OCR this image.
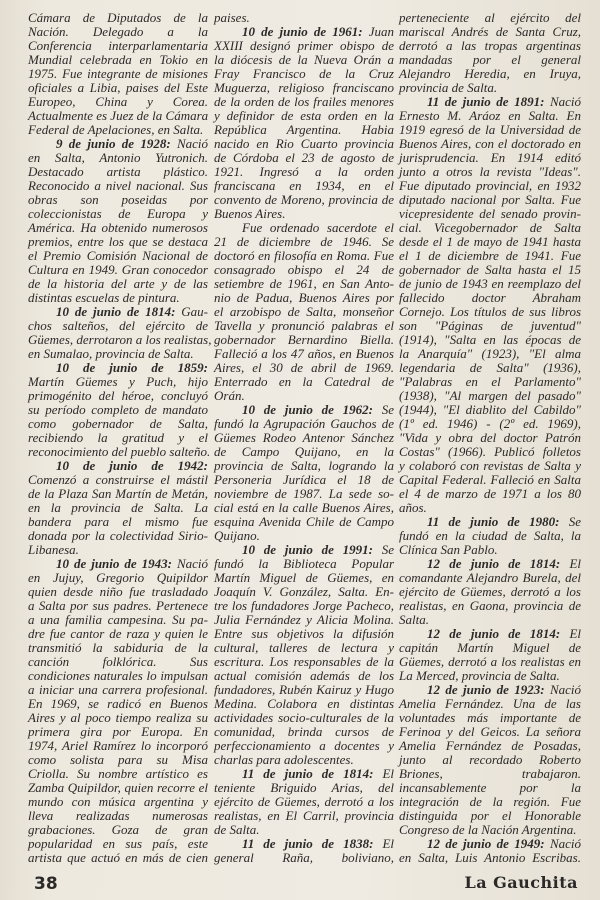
Cámara de Diputados de la
Nación. Delegado a la
Conferencia interparlamentaria
Mundial celebrada en Tokio en
1975. Fue integrante de misiones
oficiales a Libia, paises del Este
Europeo, China y Corea.
Actualmente es Juez de la Cámara
Federal de Apelaciones, en Salta.
9 de junio de 1928: Nació
en Salta, Antonio Yutronich.
Destacado artista plástico.
Reconocido a nivel nacional. Sus
obras son poseidas por
coleccionistas de Europa y
América. Ha obtenido numerosos
premios, entre los que se destaca
el Premio Comisión Nacional de
Cultura en 1949. Gran conocedor
de la historia del arte y de las
distintas escuelas de pintura.
10 de junio de 1814: Gau-
chos salteños, del ejército de
Güemes, derrotaron a los realistas,
en Sumalao, provincia de Salta.
10 de junio de 1859:
Martín Güemes y Puch, hijo
primogénito del héroe, concluyó
su período completo de mandato
como gobernador de Salta,
recibiendo la gratitud y el
reconocimiento del pueblo salteño.
10 de junio de 1942:
Comenzó a construirse el mástil
de la Plaza San Martín de Metán,
en la provincia de Salta. La
bandera para el mismo fue
donada por la colectividad Sirio-
Libanesa.
10 de junio de 1943: Nació
en Jujuy, Gregorio Quipildor
quien desde niño fue trasladado
a Salta por sus padres. Pertenece
a una familia campesina. Su pa-
dre fue cantor de raza y quien le
transmitió la sabiduria de la
canción folklórica. Sus
condiciones naturales lo impulsan
a iniciar una carrera profesional.
En 1969, se radicó en Buenos
Aires y al poco tiempo realiza su
primera gira por Europa. En
1974, Ariel Ramírez lo incorporó
como solista para su Misa
Criolla. Su nombre artístico es
Zamba Quipildor, quien recorre el
mundo con música argentina y
lleva realizadas numerosas
grabaciones. Goza de gran
popularidad en sus país, este
artista que actuó en más de cien
paises.
10 de junio de 1961: Juan
XXIII designó primer obispo de
la diócesis de la Nueva Orán a
Fray Francisco de la Cruz
Muguerza, religioso franciscano
de la orden de los frailes menores
y definidor de esta orden en la
República Argentina. Habia
nacido en Rio Cuarto provincia
de Córdoba el 23 de agosto de
1921. Ingresó a la orden
franciscana en 1934, en el
convento de Moreno, provincia de
Buenos Aires.
Fue ordenado sacerdote el
21 de diciembre de 1946. Se
doctoró en filosofía en Roma. Fue
consagrado obispo el 24 de
setiembre de 1961, en San Anto-
nio de Padua, Buenos Aires por
el arzobispo de Salta, monseñor
Tavella y pronunció palabras el
gobernador Bernardino Biella.
Falleció a los 47 años, en Buenos
Aires, el 30 de abril de 1969.
Enterrado en la Catedral de
Orán.
10 de junio de 1962: Se
fundó la Agrupación Gauchos de
Güemes Rodeo Antenor Sánchez
de Campo Quijano, en la
provincia de Salta, logrando la
Personeria Jurídica el 18 de
noviembre de 1987. La sede so-
cial está en la calle Buenos Aires,
esquina Avenida Chile de Campo
Quijano.
10 de junio de 1991: Se
fundó la Biblioteca Popular
Martín Miguel de Güemes, en
Joaquín V. González, Salta. En-
tre los fundadores Jorge Pacheco,
Julia Fernández y Alicia Molina.
Entre sus objetivos la difusión
cultural, talleres de lectura y
escritura. Los responsables de la
actual comisión además de los
fundadores, Rubén Kairuz y Hugo
Medina. Colabora en distintas
actividades socio-culturales de la
comunidad, brinda cursos de
perfeccionamiento a docentes y
charlas para adolescentes.
11 de junio de 1814: El
teniente Briguido Arias, del
ejército de Güemes, derrotó a los
realistas, en El Carril, provincia
de Salta.
11 de junio de 1838: El
general Raña, boliviano,
perteneciente al ejército del
mariscal Andrés de Santa Cruz,
derrotó a las tropas argentinas
mandadas por el general
Alejandro Heredia, en Iruya,
provincia de Salta.
11 de junio de 1891: Nació
Ernesto M. Aráoz en Salta. En
1919 egresó de la Universidad de
Buenos Aires, con el doctorado en
jurisprudencia. En 1914 editó
junto a otros la revista "Ideas".
Fue diputado provincial, en 1932
diputado nacional por Salta. Fue
vicepresidente del senado provin-
cial. Vicegobernador de Salta
desde el 1 de mayo de 1941 hasta
el 1 de diciembre de 1941. Fue
gobernador de Salta hasta el 15
de junio de 1943 en reemplazo del
fallecido doctor Abraham
Cornejo. Los títulos de sus libros
son "Páginas de juventud"
(1914), "Salta en las épocas de
la Anarquía" (1923), "El alma
legendaria de Salta" (1936),
"Palabras en el Parlamento"
(1938), "Al margen del pasado"
(1944), "El diablito del Cabildo"
(1º ed. 1946) - (2º ed. 1969),
"Vida y obra del doctor Patrón
Costas" (1966). Publicó folletos
y colaboró con revistas de Salta y
Capital Federal. Falleció en Salta
el 4 de marzo de 1971 a los 80
años.
11 de junio de 1980: Se
fundó en la ciudad de Salta, la
Clínica San Pablo.
12 de junio de 1814: El
comandante Alejandro Burela, del
ejército de Güemes, derrotó a los
realistas, en Gaona, provincia de
Salta.
12 de junio de 1814: El
capitán Martín Miguel de
Güemes, derrotó a los realistas en
La Merced, provincia de Salta.
12 de junio de 1923: Nació
Amelia Fernández. Una de las
voluntades más importante de
Ferinoa y del Geicos. La señora
Amelia Fernández de Posadas,
junto al recordado Roberto
Briones, trabajaron.
incansablemente por la
integración de la región. Fue
distinguida por el Honorable
Congreso de la Nación Argentina.
12 de junio de 1949: Nació
en Salta, Luis Antonio Escribas.
38	La Gauchita
